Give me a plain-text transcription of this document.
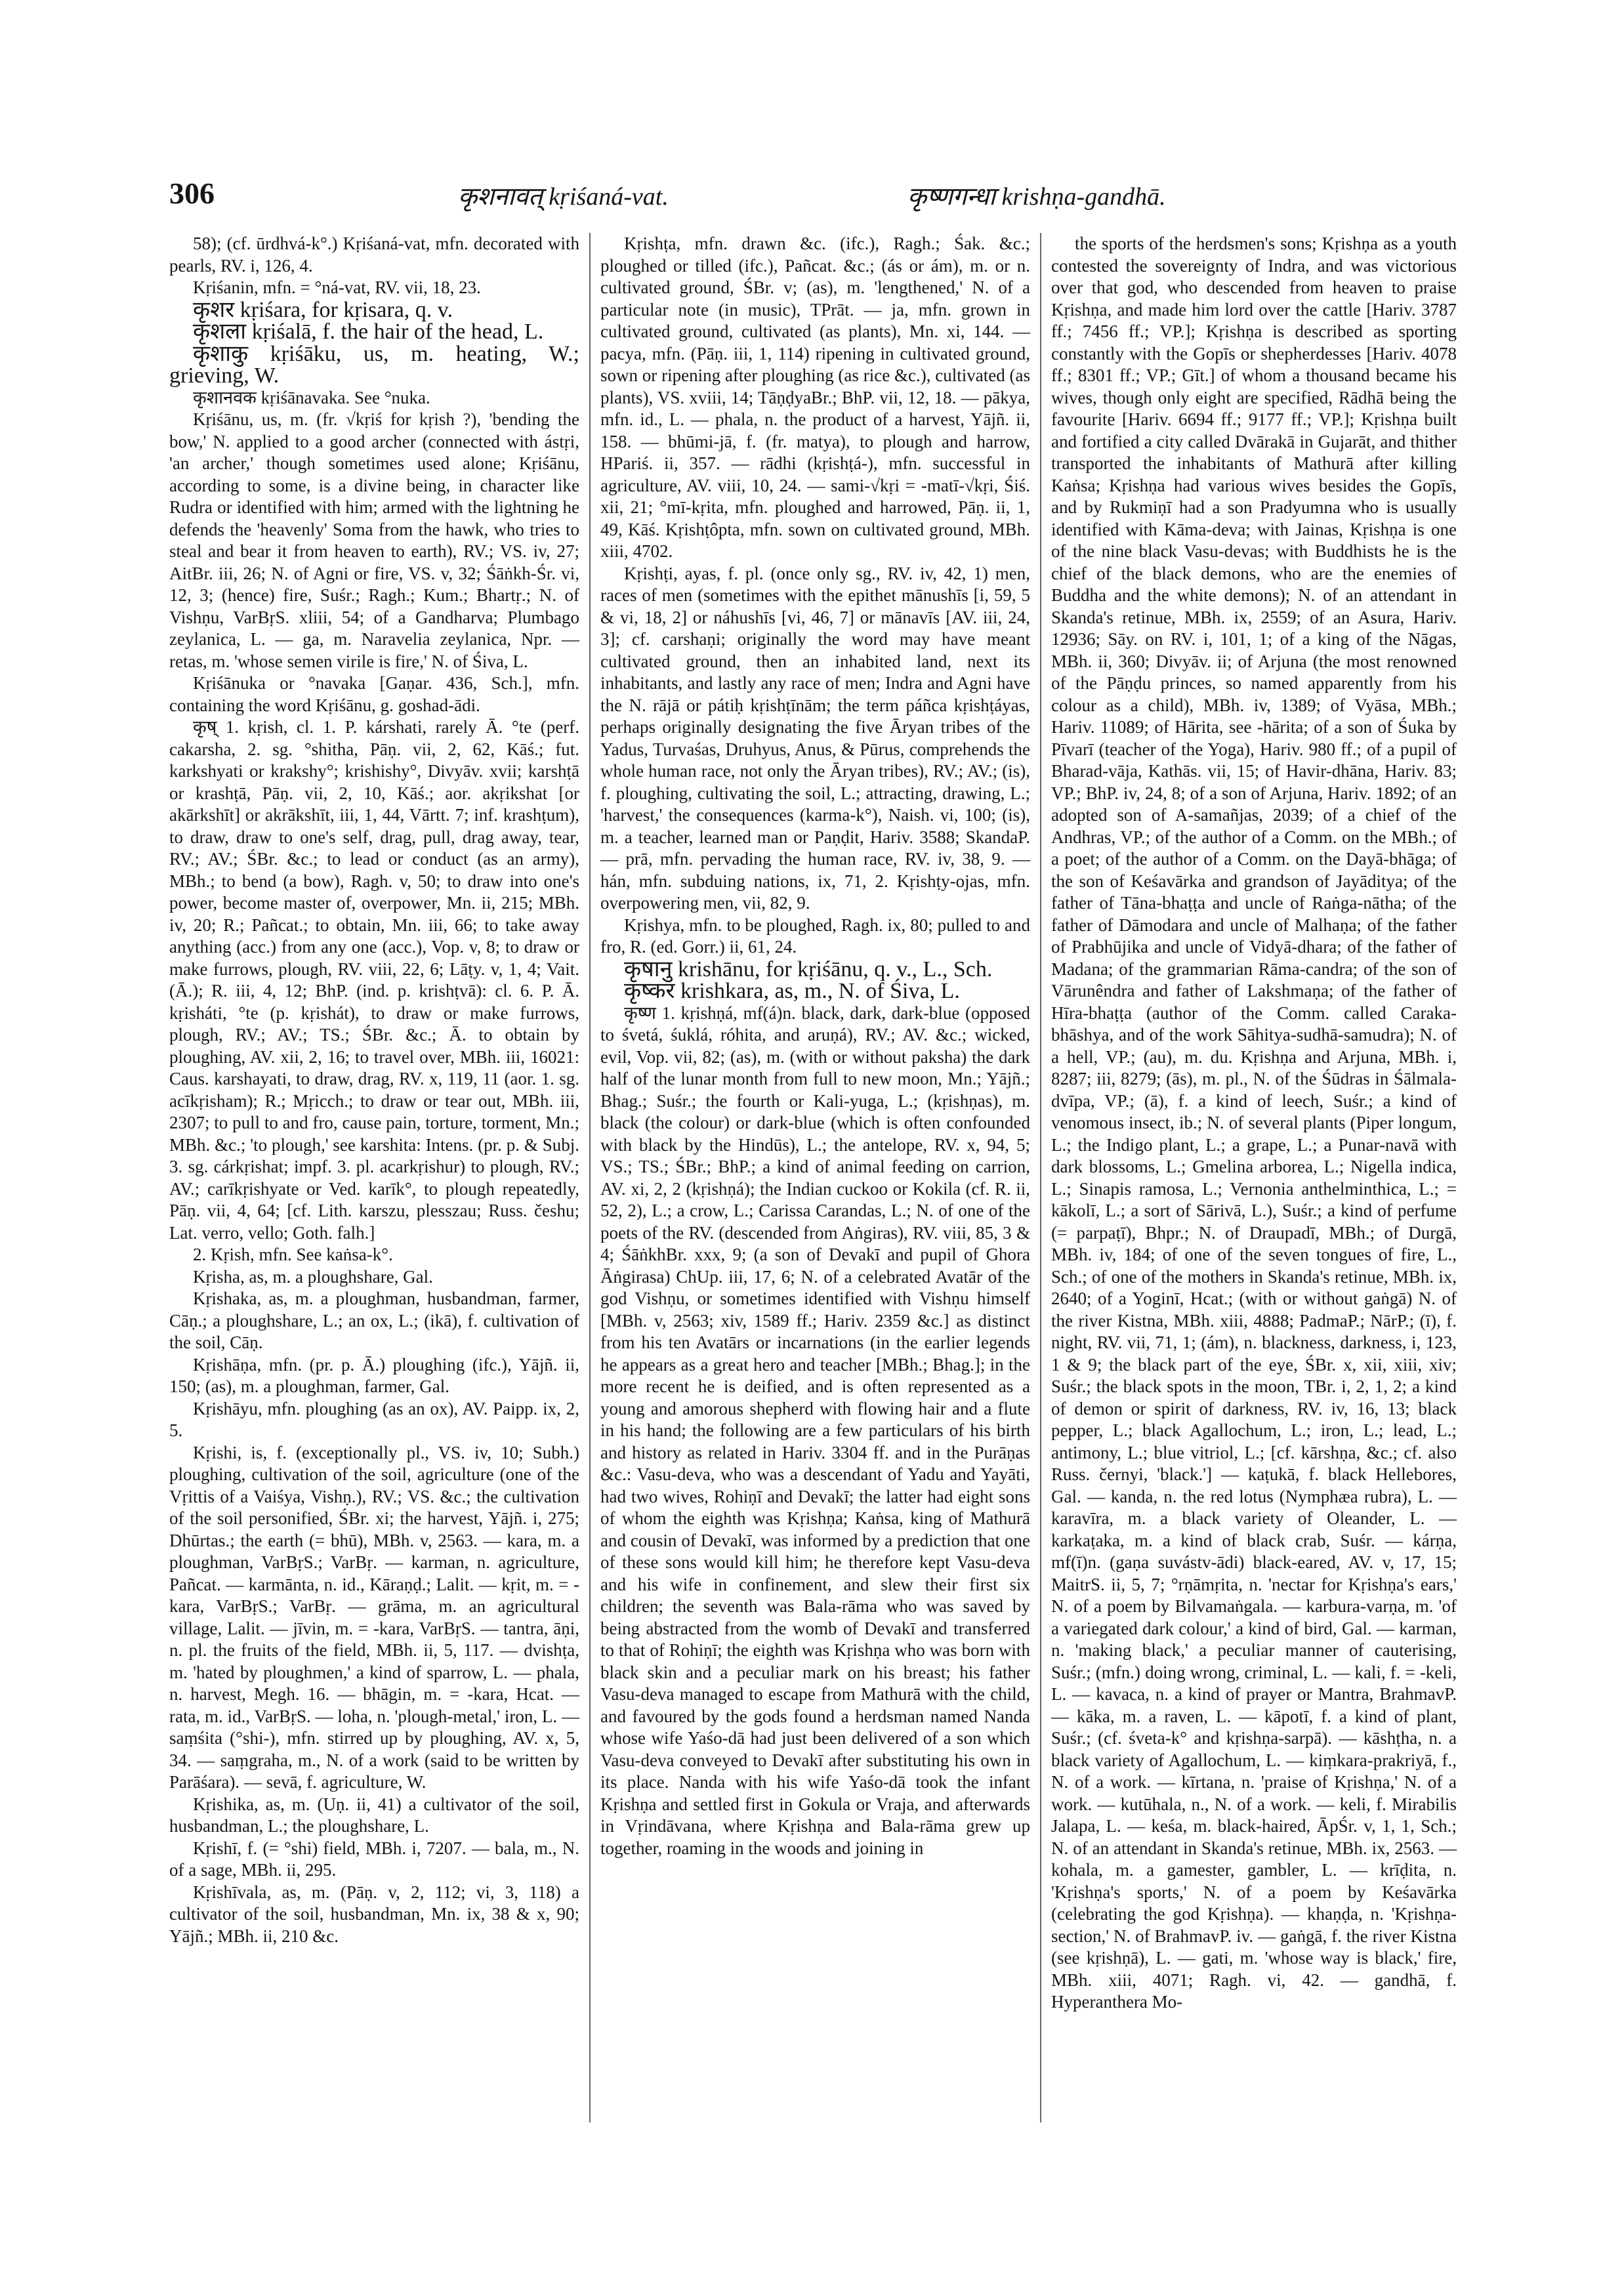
306	कृशनावत् kṛiśaná-vat.	कृष्णगन्धा krishṇa-gandhā.

58); (cf. ūrdhvá-k°.) Kṛiśaná-vat, mfn. decorated with pearls, RV. i, 126, 4.

Kṛiśanin, mfn. = °ná-vat, RV. vii, 18, 23.

कृशर kṛiśara, for kṛisara, q. v.

कृशला kṛiśalā, f. the hair of the head, L.

कृशाकु kṛiśāku, us, m. heating, W.; grieving, W.

कृशानवक kṛiśānavaka. See °nuka.

Kṛiśānu, us, m. (fr. √kṛiś for kṛish ?), 'bending the bow,' N. applied to a good archer (connected with ástṛi, 'an archer,' though sometimes used alone; Kṛiśānu, according to some, is a divine being, in character like Rudra or identified with him; armed with the lightning he defends the 'heavenly' Soma from the hawk, who tries to steal and bear it from heaven to earth), RV.; VS. iv, 27; AitBr. iii, 26; N. of Agni or fire, VS. v, 32; Śāṅkh-Śr. vi, 12, 3; (hence) fire, Suśr.; Ragh.; Kum.; Bhartṛ.; N. of Vishṇu, VarBṛS. xliii, 54; of a Gandharva; Plumbago zeylanica, L. — ga, m. Naravelia zeylanica, Npr. — retas, m. 'whose semen virile is fire,' N. of Śiva, L.

Kṛiśānuka or °navaka [Gaṇar. 436, Sch.], mfn. containing the word Kṛiśānu, g. goshad-ādi.

कृष् 1. kṛish, cl. 1. P. kárshati, rarely Ā. °te (perf. cakarsha, 2. sg. °shitha, Pāṇ. vii, 2, 62, Kāś.; fut. karkshyati or krakshy°; krishishy°, Divyāv. xvii; karshṭā or krashṭā, Pāṇ. vii, 2, 10, Kāś.; aor. akṛikshat [or akārkshīt] or akrākshīt, iii, 1, 44, Vārtt. 7; inf. krashṭum), to draw, draw to one's self, drag, pull, drag away, tear, RV.; AV.; ŚBr. &c.; to lead or conduct (as an army), MBh.; to bend (a bow), Ragh. v, 50; to draw into one's power, become master of, overpower, Mn. ii, 215; MBh. iv, 20; R.; Pañcat.; to obtain, Mn. iii, 66; to take away anything (acc.) from any one (acc.), Vop. v, 8; to draw or make furrows, plough, RV. viii, 22, 6; Lāṭy. v, 1, 4; Vait. (Ā.); R. iii, 4, 12; BhP. (ind. p. krishṭvā): cl. 6. P. Ā. kṛisháti, °te (p. kṛishát), to draw or make furrows, plough, RV.; AV.; TS.; ŚBr. &c.; Ā. to obtain by ploughing, AV. xii, 2, 16; to travel over, MBh. iii, 16021: Caus. karshayati, to draw, drag, RV. x, 119, 11 (aor. 1. sg. acīkṛisham); R.; Mṛicch.; to draw or tear out, MBh. iii, 2307; to pull to and fro, cause pain, torture, torment, Mn.; MBh. &c.; 'to plough,' see karshita: Intens. (pr. p. & Subj. 3. sg. cárkṛishat; impf. 3. pl. acarkṛishur) to plough, RV.; AV.; carīkṛishyate or Ved. karīk°, to plough repeatedly, Pāṇ. vii, 4, 64; [cf. Lith. karszu, plesszau; Russ. česhu; Lat. verro, vello; Goth. falh.]

2. Kṛish, mfn. See kaṅsa-k°.

Kṛisha, as, m. a ploughshare, Gal.

Kṛishaka, as, m. a ploughman, husbandman, farmer, Cāṇ.; a ploughshare, L.; an ox, L.; (ikā), f. cultivation of the soil, Cāṇ.

Kṛishāṇa, mfn. (pr. p. Ā.) ploughing (ifc.), Yājñ. ii, 150; (as), m. a ploughman, farmer, Gal.

Kṛishāyu, mfn. ploughing (as an ox), AV. Paipp. ix, 2, 5.

Kṛishi, is, f. (exceptionally pl., VS. iv, 10; Subh.) ploughing, cultivation of the soil, agriculture (one of the Vṛittis of a Vaiśya, Vishṇ.), RV.; VS. &c.; the cultivation of the soil personified, ŚBr. xi; the harvest, Yājñ. i, 275; Dhūrtas.; the earth (= bhū), MBh. v, 2563. — kara, m. a ploughman, VarBṛS.; VarBṛ. — karman, n. agriculture, Pañcat. — karmānta, n. id., Kāraṇḍ.; Lalit. — kṛit, m. = -kara, VarBṛS.; VarBṛ. — grāma, m. an agricultural village, Lalit. — jīvin, m. = -kara, VarBṛS. — tantra, āṇi, n. pl. the fruits of the field, MBh. ii, 5, 117. — dvishṭa, m. 'hated by ploughmen,' a kind of sparrow, L. — phala, n. harvest, Megh. 16. — bhāgin, m. = -kara, Hcat. — rata, m. id., VarBṛS. — loha, n. 'plough-metal,' iron, L. — saṃśita (°shi-), mfn. stirred up by ploughing, AV. x, 5, 34. — saṃgraha, m., N. of a work (said to be written by Parāśara). — sevā, f. agriculture, W.

Kṛishika, as, m. (Uṇ. ii, 41) a cultivator of the soil, husbandman, L.; the ploughshare, L.

Kṛishī, f. (= °shi) field, MBh. i, 7207. — bala, m., N. of a sage, MBh. ii, 295.

Kṛishīvala, as, m. (Pāṇ. v, 2, 112; vi, 3, 118) a cultivator of the soil, husbandman, Mn. ix, 38 & x, 90; Yājñ.; MBh. ii, 210 &c.

Kṛishṭa, mfn. drawn &c. (ifc.), Ragh.; Śak. &c.; ploughed or tilled (ifc.), Pañcat. &c.; (ás or ám), m. or n. cultivated ground, ŚBr. v; (as), m. 'lengthened,' N. of a particular note (in music), TPrāt. — ja, mfn. grown in cultivated ground, cultivated (as plants), Mn. xi, 144. — pacya, mfn. (Pāṇ. iii, 1, 114) ripening in cultivated ground, sown or ripening after ploughing (as rice &c.), cultivated (as plants), VS. xviii, 14; TāṇḍyaBr.; BhP. vii, 12, 18. — pākya, mfn. id., L. — phala, n. the product of a harvest, Yājñ. ii, 158. — bhūmi-jā, f. (fr. matya), to plough and harrow, HPariś. ii, 357. — rādhi (kṛishṭá-), mfn. successful in agriculture, AV. viii, 10, 24. — sami-√kṛi = -matī-√kṛi, Śiś. xii, 21; °mī-kṛita, mfn. ploughed and harrowed, Pāṇ. ii, 1, 49, Kāś. Kṛishṭôpta, mfn. sown on cultivated ground, MBh. xiii, 4702.

Kṛishṭi, ayas, f. pl. (once only sg., RV. iv, 42, 1) men, races of men (sometimes with the epithet mānushīs [i, 59, 5 & vi, 18, 2] or náhushīs [vi, 46, 7] or mānavīs [AV. iii, 24, 3]; cf. carshaṇi; originally the word may have meant cultivated ground, then an inhabited land, next its inhabitants, and lastly any race of men; Indra and Agni have the N. rājā or pátiḥ kṛishṭīnām; the term páñca kṛishṭáyas, perhaps originally designating the five Āryan tribes of the Yadus, Turvaśas, Druhyus, Anus, & Pūrus, comprehends the whole human race, not only the Āryan tribes), RV.; AV.; (is), f. ploughing, cultivating the soil, L.; attracting, drawing, L.; 'harvest,' the consequences (karma-k°), Naish. vi, 100; (is), m. a teacher, learned man or Paṇḍit, Hariv. 3588; SkandaP. — prā, mfn. pervading the human race, RV. iv, 38, 9. — hán, mfn. subduing nations, ix, 71, 2. Kṛishṭy-ojas, mfn. overpowering men, vii, 82, 9.

Kṛishya, mfn. to be ploughed, Ragh. ix, 80; pulled to and fro, R. (ed. Gorr.) ii, 61, 24.

कृषानु krishānu, for kṛiśānu, q. v., L., Sch.

कृष्कर krishkara, as, m., N. of Śiva, L.

कृष्ण 1. kṛishṇá, mf(á)n. black, dark, dark-blue (opposed to śvetá, śuklá, róhita, and aruṇá), RV.; AV. &c.; wicked, evil, Vop. vii, 82; (as), m. (with or without paksha) the dark half of the lunar month from full to new moon, Mn.; Yājñ.; Bhag.; Suśr.; the fourth or Kali-yuga, L.; (kṛishṇas), m. black (the colour) or dark-blue (which is often confounded with black by the Hindūs), L.; the antelope, RV. x, 94, 5; VS.; TS.; ŚBr.; BhP.; a kind of animal feeding on carrion, AV. xi, 2, 2 (kṛishṇá); the Indian cuckoo or Kokila (cf. R. ii, 52, 2), L.; a crow, L.; Carissa Carandas, L.; N. of one of the poets of the RV. (descended from Aṅgiras), RV. viii, 85, 3 & 4; ŚāṅkhBr. xxx, 9; (a son of Devakī and pupil of Ghora Āṅgirasa) ChUp. iii, 17, 6; N. of a celebrated Avatār of the god Vishṇu, or sometimes identified with Vishṇu himself [MBh. v, 2563; xiv, 1589 ff.; Hariv. 2359 &c.] as distinct from his ten Avatārs or incarnations (in the earlier legends he appears as a great hero and teacher [MBh.; Bhag.]; in the more recent he is deified, and is often represented as a young and amorous shepherd with flowing hair and a flute in his hand; the following are a few particulars of his birth and history as related in Hariv. 3304 ff. and in the Purāṇas &c.: Vasu-deva, who was a descendant of Yadu and Yayāti, had two wives, Rohiṇī and Devakī; the latter had eight sons of whom the eighth was Kṛishṇa; Kaṅsa, king of Mathurā and cousin of Devakī, was informed by a prediction that one of these sons would kill him; he therefore kept Vasu-deva and his wife in confinement, and slew their first six children; the seventh was Bala-rāma who was saved by being abstracted from the womb of Devakī and transferred to that of Rohiṇī; the eighth was Kṛishṇa who was born with black skin and a peculiar mark on his breast; his father Vasu-deva managed to escape from Mathurā with the child, and favoured by the gods found a herdsman named Nanda whose wife Yaśo-dā had just been delivered of a son which Vasu-deva conveyed to Devakī after substituting his own in its place. Nanda with his wife Yaśo-dā took the infant Kṛishṇa and settled first in Gokula or Vraja, and afterwards in Vṛindāvana, where Kṛishṇa and Bala-rāma grew up together, roaming in the woods and joining in

the sports of the herdsmen's sons; Kṛishṇa as a youth contested the sovereignty of Indra, and was victorious over that god, who descended from heaven to praise Kṛishṇa, and made him lord over the cattle [Hariv. 3787 ff.; 7456 ff.; VP.]; Kṛishṇa is described as sporting constantly with the Gopīs or shepherdesses [Hariv. 4078 ff.; 8301 ff.; VP.; Gīt.] of whom a thousand became his wives, though only eight are specified, Rādhā being the favourite [Hariv. 6694 ff.; 9177 ff.; VP.]; Kṛishṇa built and fortified a city called Dvārakā in Gujarāt, and thither transported the inhabitants of Mathurā after killing Kaṅsa; Kṛishṇa had various wives besides the Gopīs, and by Rukmiṇī had a son Pradyumna who is usually identified with Kāma-deva; with Jainas, Kṛishṇa is one of the nine black Vasu-devas; with Buddhists he is the chief of the black demons, who are the enemies of Buddha and the white demons); N. of an attendant in Skanda's retinue, MBh. ix, 2559; of an Asura, Hariv. 12936; Sāy. on RV. i, 101, 1; of a king of the Nāgas, MBh. ii, 360; Divyāv. ii; of Arjuna (the most renowned of the Pāṇḍu princes, so named apparently from his colour as a child), MBh. iv, 1389; of Vyāsa, MBh.; Hariv. 11089; of Hārita, see -hārita; of a son of Śuka by Pīvarī (teacher of the Yoga), Hariv. 980 ff.; of a pupil of Bharad-vāja, Kathās. vii, 15; of Havir-dhāna, Hariv. 83; VP.; BhP. iv, 24, 8; of a son of Arjuna, Hariv. 1892; of an adopted son of A-samañjas, 2039; of a chief of the Andhras, VP.; of the author of a Comm. on the MBh.; of a poet; of the author of a Comm. on the Dayā-bhāga; of the son of Keśavārka and grandson of Jayāditya; of the father of Tāna-bhaṭṭa and uncle of Raṅga-nātha; of the father of Dāmodara and uncle of Malhaṇa; of the father of Prabhūjika and uncle of Vidyā-dhara; of the father of Madana; of the grammarian Rāma-candra; of the son of Vārunêndra and father of Lakshmaṇa; of the father of Hīra-bhaṭṭa (author of the Comm. called Caraka-bhāshya, and of the work Sāhitya-sudhā-samudra); N. of a hell, VP.; (au), m. du. Kṛishṇa and Arjuna, MBh. i, 8287; iii, 8279; (ās), m. pl., N. of the Śūdras in Śālmala-dvīpa, VP.; (ā), f. a kind of leech, Suśr.; a kind of venomous insect, ib.; N. of several plants (Piper longum, L.; the Indigo plant, L.; a grape, L.; a Punar-navā with dark blossoms, L.; Gmelina arborea, L.; Nigella indica, L.; Sinapis ramosa, L.; Vernonia anthelminthica, L.; = kākolī, L.; a sort of Sārivā, L.), Suśr.; a kind of perfume (= parpaṭī), Bhpr.; N. of Draupadī, MBh.; of Durgā, MBh. iv, 184; of one of the seven tongues of fire, L., Sch.; of one of the mothers in Skanda's retinue, MBh. ix, 2640; of a Yoginī, Hcat.; (with or without gaṅgā) N. of the river Kistna, MBh. xiii, 4888; PadmaP.; NārP.; (ī), f. night, RV. vii, 71, 1; (ám), n. blackness, darkness, i, 123, 1 & 9; the black part of the eye, ŚBr. x, xii, xiii, xiv; Suśr.; the black spots in the moon, TBr. i, 2, 1, 2; a kind of demon or spirit of darkness, RV. iv, 16, 13; black pepper, L.; black Agallochum, L.; iron, L.; lead, L.; antimony, L.; blue vitriol, L.; [cf. kārshṇa, &c.; cf. also Russ. černyi, 'black.'] — kaṭukā, f. black Hellebores, Gal. — kanda, n. the red lotus (Nymphæa rubra), L. — karavīra, m. a black variety of Oleander, L. — karkaṭaka, m. a kind of black crab, Suśr. — kárṇa, mf(ī)n. (gaṇa suvástv-ādi) black-eared, AV. v, 17, 15; MaitrS. ii, 5, 7; °rṇāmṛita, n. 'nectar for Kṛishṇa's ears,' N. of a poem by Bilvamaṅgala. — karbura-varṇa, m. 'of a variegated dark colour,' a kind of bird, Gal. — karman, n. 'making black,' a peculiar manner of cauterising, Suśr.; (mfn.) doing wrong, criminal, L. — kali, f. = -keli, L. — kavaca, n. a kind of prayer or Mantra, BrahmavP. — kāka, m. a raven, L. — kāpotī, f. a kind of plant, Suśr.; (cf. śveta-k° and kṛishṇa-sarpā). — kāshṭha, n. a black variety of Agallochum, L. — kiṃkara-prakriyā, f., N. of a work. — kīrtana, n. 'praise of Kṛishṇa,' N. of a work. — kutūhala, n., N. of a work. — keli, f. Mirabilis Jalapa, L. — keśa, m. black-haired, ĀpŚr. v, 1, 1, Sch.; N. of an attendant in Skanda's retinue, MBh. ix, 2563. — kohala, m. a gamester, gambler, L. — krīḍita, n. 'Kṛishṇa's sports,' N. of a poem by Keśavārka (celebrating the god Kṛishṇa). — khaṇḍa, n. 'Kṛishṇa-section,' N. of BrahmavP. iv. — gaṅgā, f. the river Kistna (see kṛishṇā), L. — gati, m. 'whose way is black,' fire, MBh. xiii, 4071; Ragh. vi, 42. — gandhā, f. Hyperanthera Mo-
